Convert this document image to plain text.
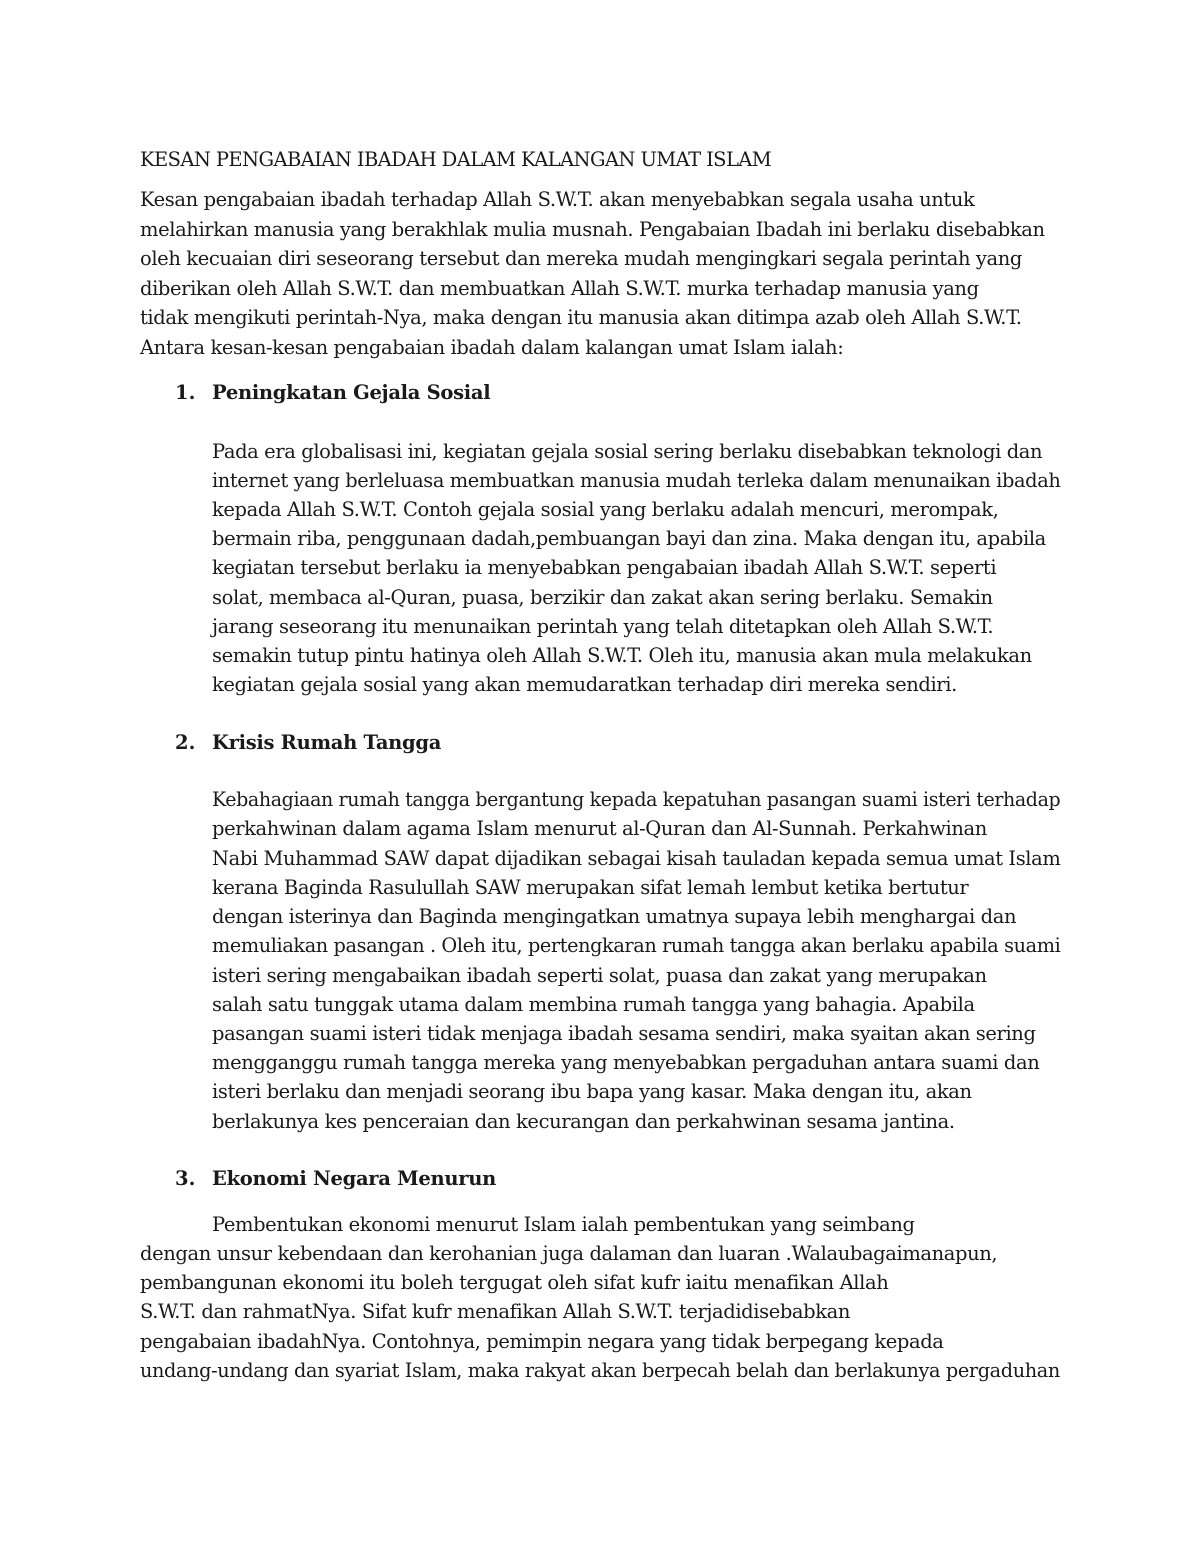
KESAN PENGABAIAN IBADAH DALAM KALANGAN UMAT ISLAM
Kesan pengabaian ibadah terhadap Allah S.W.T. akan menyebabkan segala usaha untuk
melahirkan manusia yang berakhlak mulia musnah. Pengabaian Ibadah ini berlaku disebabkan
oleh kecuaian diri seseorang tersebut dan mereka mudah mengingkari segala perintah yang
diberikan oleh Allah S.W.T. dan membuatkan Allah S.W.T. murka terhadap manusia yang
tidak mengikuti perintah-Nya, maka dengan itu manusia akan ditimpa azab oleh Allah S.W.T.
Antara kesan-kesan pengabaian ibadah dalam kalangan umat Islam ialah:
1. Peningkatan Gejala Sosial
Pada era globalisasi ini, kegiatan gejala sosial sering berlaku disebabkan teknologi dan
internet yang berleluasa membuatkan manusia mudah terleka dalam menunaikan ibadah
kepada Allah S.W.T. Contoh gejala sosial yang berlaku adalah mencuri, merompak,
bermain riba, penggunaan dadah,pembuangan bayi dan zina. Maka dengan itu, apabila
kegiatan tersebut berlaku ia menyebabkan pengabaian ibadah Allah S.W.T. seperti
solat, membaca al-Quran, puasa, berzikir dan zakat akan sering berlaku. Semakin
jarang seseorang itu menunaikan perintah yang telah ditetapkan oleh Allah S.W.T.
semakin tutup pintu hatinya oleh Allah S.W.T. Oleh itu, manusia akan mula melakukan
kegiatan gejala sosial yang akan memudaratkan terhadap diri mereka sendiri.
2. Krisis Rumah Tangga
Kebahagiaan rumah tangga bergantung kepada kepatuhan pasangan suami isteri terhadap
perkahwinan dalam agama Islam menurut al-Quran dan Al-Sunnah. Perkahwinan
Nabi Muhammad SAW dapat dijadikan sebagai kisah tauladan kepada semua umat Islam
kerana Baginda Rasulullah SAW merupakan sifat lemah lembut ketika bertutur
dengan isterinya dan Baginda mengingatkan umatnya supaya lebih menghargai dan
memuliakan pasangan . Oleh itu, pertengkaran rumah tangga akan berlaku apabila suami
isteri sering mengabaikan ibadah seperti solat, puasa dan zakat yang merupakan
salah satu tunggak utama dalam membina rumah tangga yang bahagia. Apabila
pasangan suami isteri tidak menjaga ibadah sesama sendiri, maka syaitan akan sering
mengganggu rumah tangga mereka yang menyebabkan pergaduhan antara suami dan
isteri berlaku dan menjadi seorang ibu bapa yang kasar. Maka dengan itu, akan
berlakunya kes penceraian dan kecurangan dan perkahwinan sesama jantina.
3. Ekonomi Negara Menurun
Pembentukan ekonomi menurut Islam ialah pembentukan yang seimbang
dengan unsur kebendaan dan kerohanian juga dalaman dan luaran .Walaubagaimanapun,
pembangunan ekonomi itu boleh tergugat oleh sifat kufr iaitu menafikan Allah
S.W.T. dan rahmatNya. Sifat kufr menafikan Allah S.W.T. terjadidisebabkan
pengabaian ibadahNya. Contohnya, pemimpin negara yang tidak berpegang kepada
undang-undang dan syariat Islam, maka rakyat akan berpecah belah dan berlakunya pergaduhan
